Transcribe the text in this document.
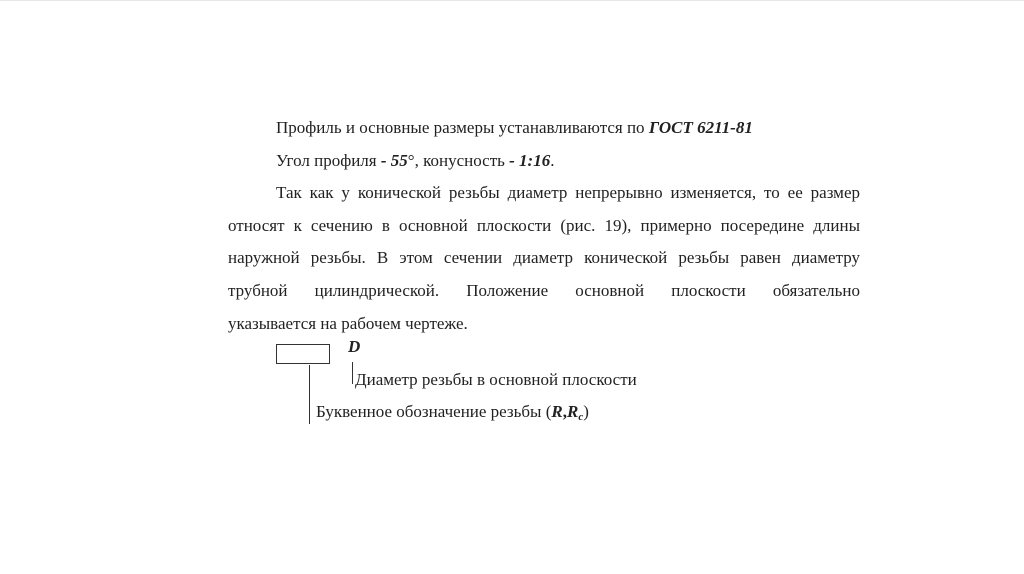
Профиль и основные размеры устанавливаются по ГОСТ 6211-81

Угол профиля - 55°, конусность - 1:16.

Так как у конической резьбы диаметр непрерывно изменяется, то ее размер

относят к сечению в основной плоскости (рис. 19), примерно посередине длины

наружной резьбы. В этом сечении диаметр конической резьбы равен диаметру

трубной цилиндрической. Положение основной плоскости обязательно

указывается на рабочем чертеже.

D
Диаметр резьбы в основной плоскости
Буквенное обозначение резьбы $(R,R_c)$
